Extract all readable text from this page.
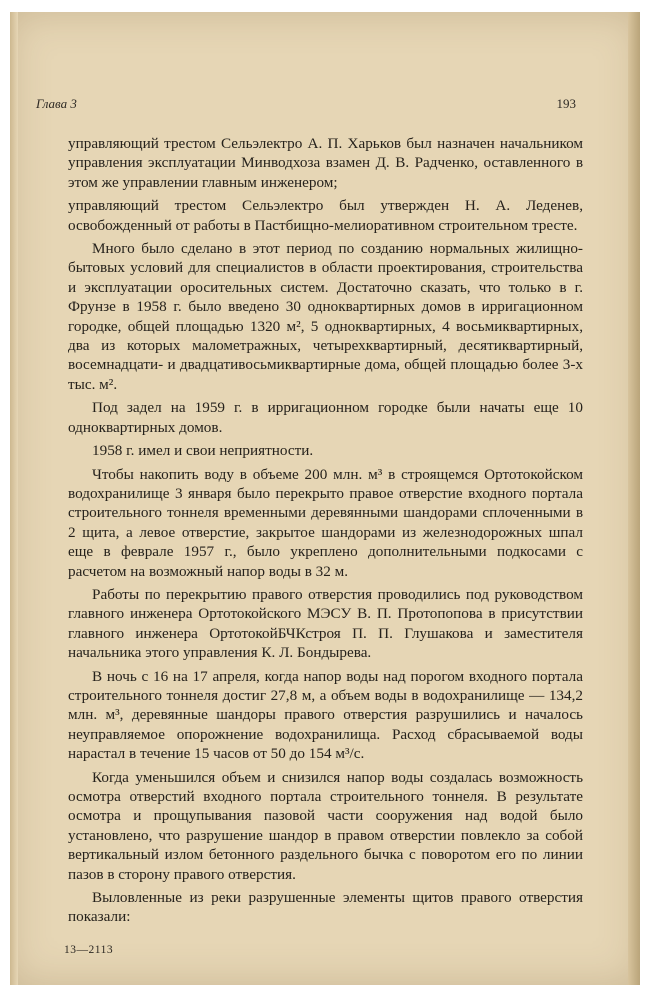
Глава 3	193

управляющий трестом Сельэлектро А. П. Харьков был назначен начальником управления эксплуатации Минводхоза взамен Д. В. Радченко, оставленного в этом же управлении главным инженером;

управляющий трестом Сельэлектро был утвержден Н. А. Леденев, освобожденный от работы в Пастбищно-мелиоративном строительном тресте.

Много было сделано в этот период по созданию нормальных жилищно-бытовых условий для специалистов в области проектирования, строительства и эксплуатации оросительных систем. Достаточно сказать, что только в г. Фрунзе в 1958 г. было введено 30 одноквартирных домов в ирригационном городке, общей площадью 1320 м², 5 одноквартирных, 4 восьмиквартирных, два из которых малометражных, четырехквартирный, десятиквартирный, восемнадцати- и двадцативосьмиквартирные дома, общей площадью более 3-х тыс. м².

Под задел на 1959 г. в ирригационном городке были начаты еще 10 одноквартирных домов.

1958 г. имел и свои неприятности.

Чтобы накопить воду в объеме 200 млн. м³ в строящемся Ортотокойском водохранилище 3 января было перекрыто правое отверстие входного портала строительного тоннеля временными деревянными шандорами сплоченными в 2 щита, а левое отверстие, закрытое шандорами из железнодорожных шпал еще в феврале 1957 г., было укреплено дополнительными подкосами с расчетом на возможный напор воды в 32 м.

Работы по перекрытию правого отверстия проводились под руководством главного инженера Ортотокойского МЭСУ В. П. Протопопова в присутствии главного инженера ОртотокойБЧКстроя П. П. Глушакова и заместителя начальника этого управления К. Л. Бондырева.

В ночь с 16 на 17 апреля, когда напор воды над порогом входного портала строительного тоннеля достиг 27,8 м, а объем воды в водохранилище — 134,2 млн. м³, деревянные шандоры правого отверстия разрушились и началось неуправляемое опорожнение водохранилища. Расход сбрасываемой воды нарастал в течение 15 часов от 50 до 154 м³/с.

Когда уменьшился объем и снизился напор воды создалась возможность осмотра отверстий входного портала строительного тоннеля. В результате осмотра и прощупывания пазовой части сооружения над водой было установлено, что разрушение шандор в правом отверстии повлекло за собой вертикальный излом бетонного раздельного бычка с поворотом его по линии пазов в сторону правого отверстия.

Выловленные из реки разрушенные элементы щитов правого отверстия показали:

13—2113
